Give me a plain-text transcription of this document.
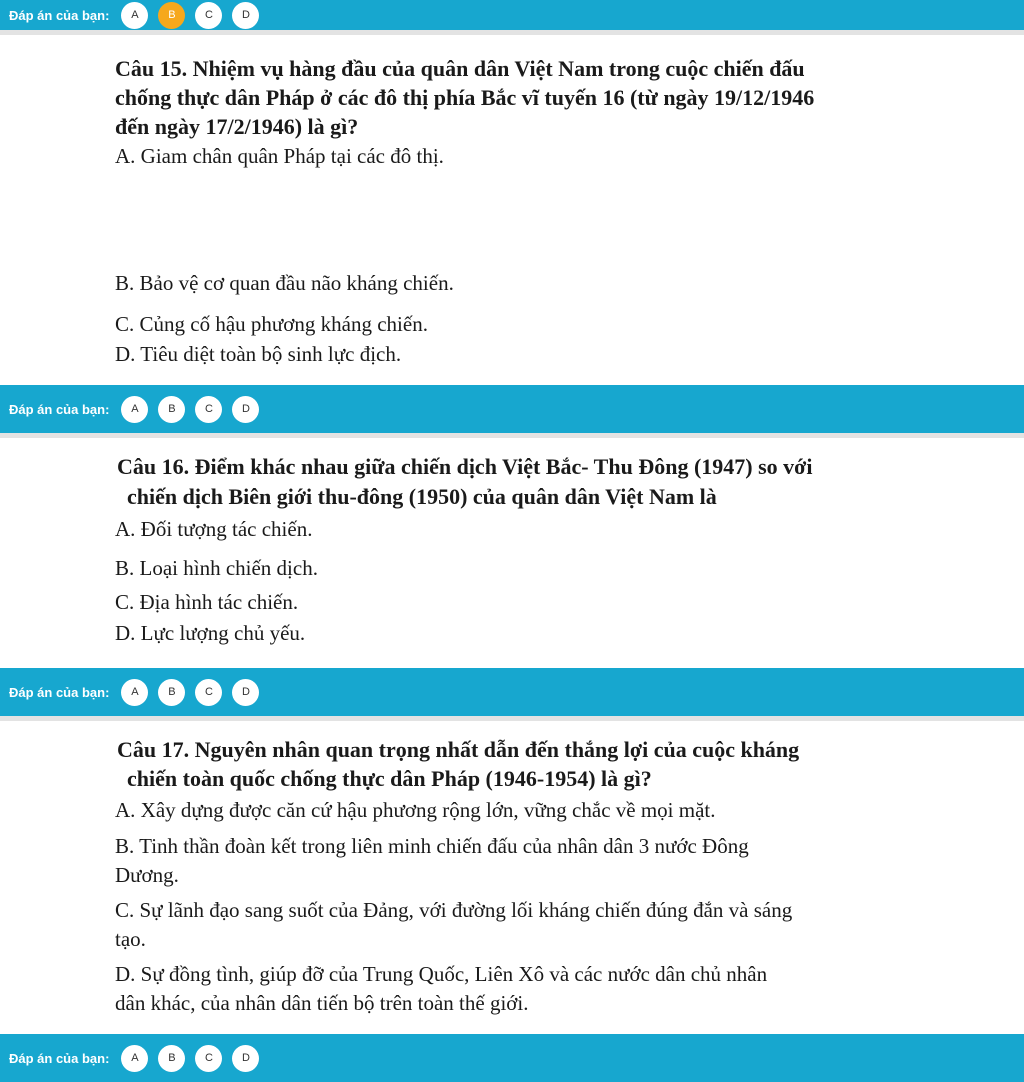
Đáp án của bạn:	A	B	C	D

Câu 15. Nhiệm vụ hàng đầu của quân dân Việt Nam trong cuộc chiến đấu

chống thực dân Pháp ở các đô thị phía Bắc vĩ tuyến 16 (từ ngày 19/12/1946

đến ngày 17/2/1946) là gì?

A. Giam chân quân Pháp tại các đô thị.

B. Bảo vệ cơ quan đầu não kháng chiến.

C. Củng cố hậu phương kháng chiến.

D. Tiêu diệt toàn bộ sinh lực địch.

Đáp án của bạn:	A	B	C	D

Câu 16. Điểm khác nhau giữa chiến dịch Việt Bắc- Thu Đông (1947) so với

chiến dịch Biên giới thu-đông (1950) của quân dân Việt Nam là

A. Đối tượng tác chiến.

B. Loại hình chiến dịch.

C. Địa hình tác chiến.

D. Lực lượng chủ yếu.

Đáp án của bạn:	A	B	C	D

Câu 17. Nguyên nhân quan trọng nhất dẫn đến thắng lợi của cuộc kháng

chiến toàn quốc chống thực dân Pháp (1946-1954) là gì?

A. Xây dựng được căn cứ hậu phương rộng lớn, vững chắc về mọi mặt.

B. Tinh thần đoàn kết trong liên minh chiến đấu của nhân dân 3 nước Đông

Dương.

C. Sự lãnh đạo sang suốt của Đảng, với đường lối kháng chiến đúng đắn và sáng

tạo.

D. Sự đồng tình, giúp đỡ của Trung Quốc, Liên Xô và các nước dân chủ nhân

dân khác, của nhân dân tiến bộ trên toàn thế giới.

Đáp án của bạn:	A	B	C	D
